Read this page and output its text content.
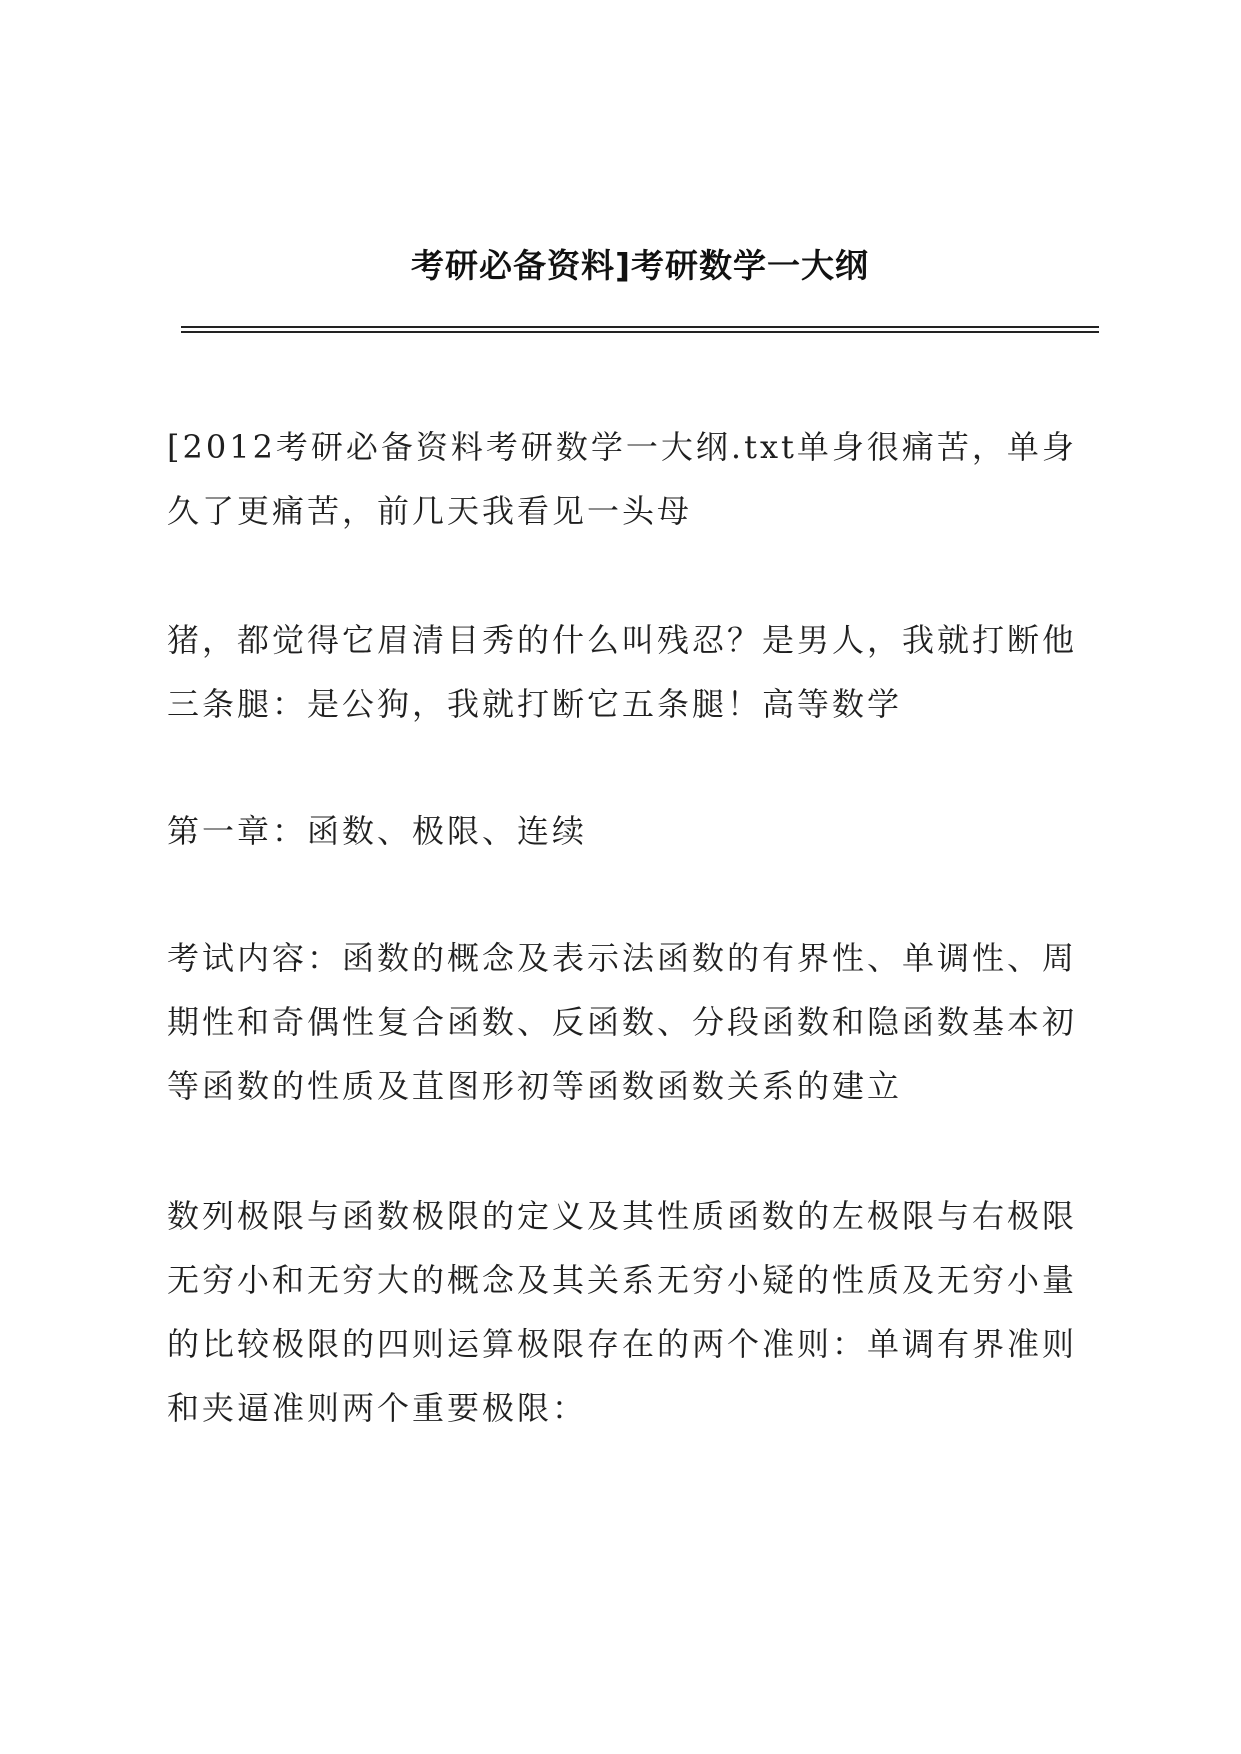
考研必备资料]考研数学一大纲

[2012考研必备资料考研数学一大纲.txt单身很痛苦，单身久了更痛苦，前几天我看见一头母

猪，都觉得它眉清目秀的什么叫残忍？是男人，我就打断他三条腿：是公狗，我就打断它五条腿！高等数学

第一章：函数、极限、连续

考试内容：函数的概念及表示法函数的有界性、单调性、周期性和奇偶性复合函数、反函数、分段函数和隐函数基本初等函数的性质及苴图形初等函数函数关系的建立

数列极限与函数极限的定义及其性质函数的左极限与右极限无穷小和无穷大的概念及其关系无穷小疑的性质及无穷小量的比较极限的四则运算极限存在的两个准则：单调有界准则和夹逼准则两个重要极限：
